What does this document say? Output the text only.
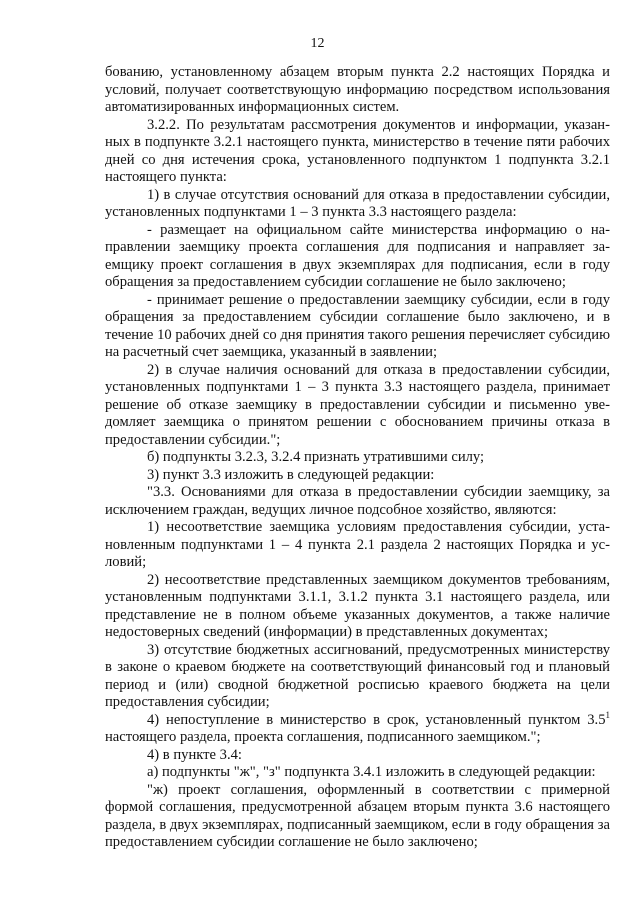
12

бованию, установленному абзацем вторым пункта 2.2 настоящих Порядка и условий, получает соответствующую информацию посредством использования автоматизированных информационных систем.

3.2.2. По результатам рассмотрения документов и информации, указанных в подпункте 3.2.1 настоящего пункта, министерство в течение пяти рабочих дней со дня истечения срока, установленного подпунктом 1 подпункта 3.2.1 настоящего пункта:

1) в случае отсутствия оснований для отказа в предоставлении субсидии, установленных подпунктами 1 – 3 пункта 3.3 настоящего раздела:

- размещает на официальном сайте министерства информацию о направлении заемщику проекта соглашения для подписания и направляет заемщику проект соглашения в двух экземплярах для подписания, если в году обращения за предоставлением субсидии соглашение не было заключено;

- принимает решение о предоставлении заемщику субсидии, если в году обращения за предоставлением субсидии соглашение было заключено, и в течение 10 рабочих дней со дня принятия такого решения перечисляет субсидию на расчетный счет заемщика, указанный в заявлении;

2) в случае наличия оснований для отказа в предоставлении субсидии, установленных подпунктами 1 – 3 пункта 3.3 настоящего раздела, принимает решение об отказе заемщику в предоставлении субсидии и письменно уведомляет заемщика о принятом решении с обоснованием причины отказа в предоставлении субсидии.";

б) подпункты 3.2.3, 3.2.4 признать утратившими силу;

3) пункт 3.3 изложить в следующей редакции:

"3.3. Основаниями для отказа в предоставлении субсидии заемщику, за исключением граждан, ведущих личное подсобное хозяйство, являются:

1) несоответствие заемщика условиям предоставления субсидии, установленным подпунктами 1 – 4 пункта 2.1 раздела 2 настоящих Порядка и условий;

2) несоответствие представленных заемщиком документов требованиям, установленным подпунктами 3.1.1, 3.1.2 пункта 3.1 настоящего раздела, или представление не в полном объеме указанных документов, а также наличие недостоверных сведений (информации) в представленных документах;

3) отсутствие бюджетных ассигнований, предусмотренных министерству в законе о краевом бюджете на соответствующий финансовый год и плановый период и (или) сводной бюджетной росписью краевого бюджета на цели предоставления субсидии;

4) непоступление в министерство в срок, установленный пунктом $3.5^1$ настоящего раздела, проекта соглашения, подписанного заемщиком.";

4) в пункте 3.4:

а) подпункты "ж", "з" подпункта 3.4.1 изложить в следующей редакции:

"ж) проект соглашения, оформленный в соответствии с примерной формой соглашения, предусмотренной абзацем вторым пункта 3.6 настоящего раздела, в двух экземплярах, подписанный заемщиком, если в году обращения за предоставлением субсидии соглашение не было заключено;
